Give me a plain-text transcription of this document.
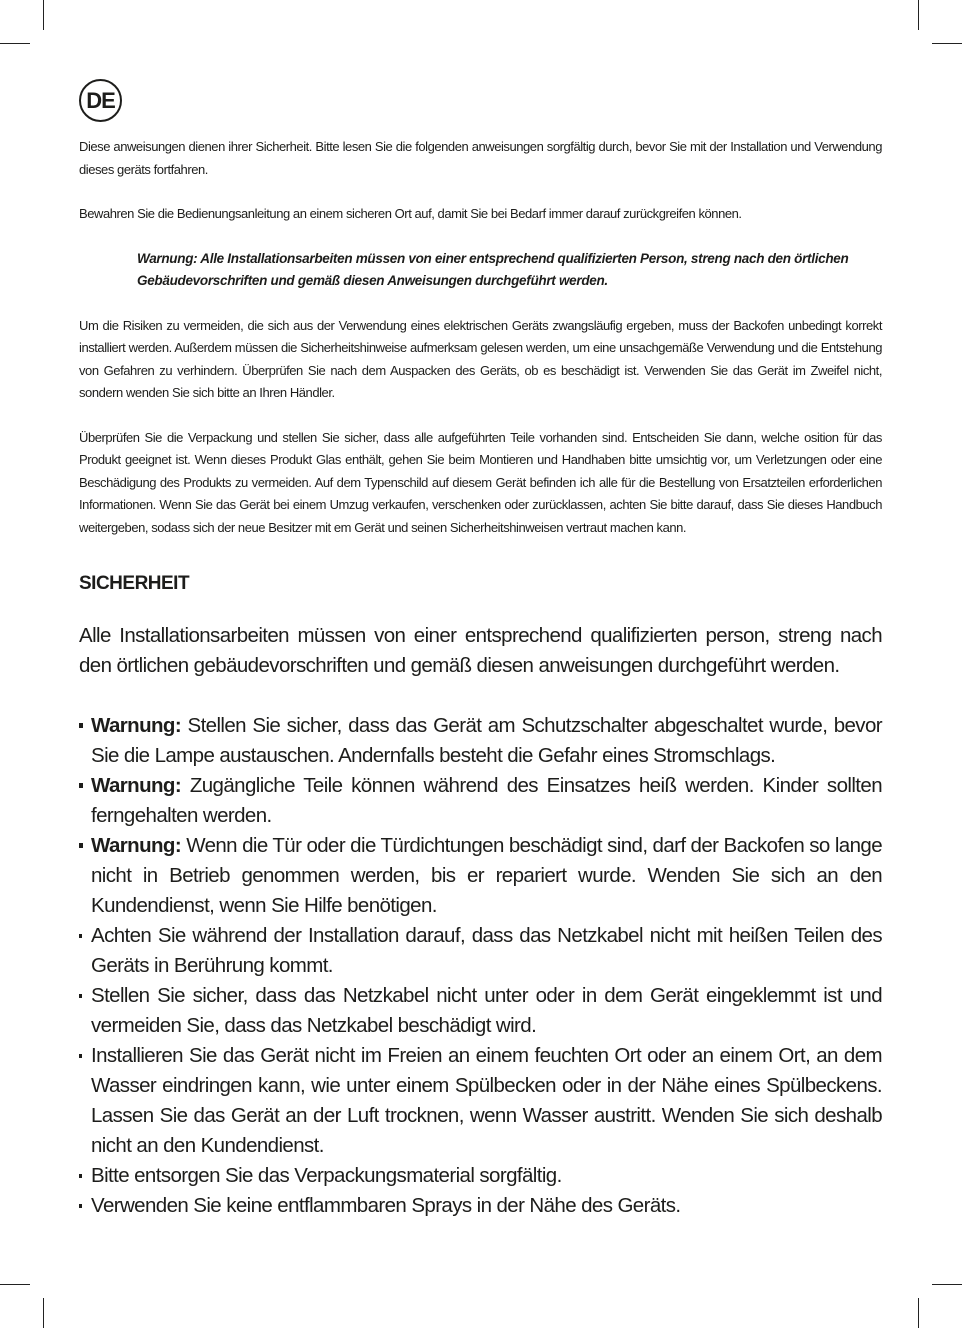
DE

Diese anweisungen dienen ihrer Sicherheit. Bitte lesen Sie die folgenden anweisungen sorgfältig durch, bevor Sie mit der Installation und Verwendung dieses geräts fortfahren.

Bewahren Sie die Bedienungsanleitung an einem sicheren Ort auf, damit Sie bei Bedarf immer darauf zurückgreifen können.

Warnung: Alle Installationsarbeiten müssen von einer entsprechend qualifizierten Person, streng nach den örtlichen Gebäudevorschriften und gemäß diesen Anweisungen durchgeführt werden.

Um die Risiken zu vermeiden, die sich aus der Verwendung eines elektrischen Geräts zwangsläufig ergeben, muss der Backofen unbedingt korrekt installiert werden. Außerdem müssen die Sicherheitshinweise aufmerksam gelesen werden, um eine unsachgemäße Verwendung und die Entstehung von Gefahren zu verhindern. Überprüfen Sie nach dem Auspacken des Geräts, ob es beschädigt ist. Verwenden Sie das Gerät im Zweifel nicht, sondern wenden Sie sich bitte an Ihren Händler.

Überprüfen Sie die Verpackung und stellen Sie sicher, dass alle aufgeführten Teile vorhanden sind. Entscheiden Sie dann, welche osition für das Produkt geeignet ist. Wenn dieses Produkt Glas enthält, gehen Sie beim Montieren und Handhaben bitte umsichtig vor, um Verletzungen oder eine Beschädigung des Produkts zu vermeiden. Auf dem Typenschild auf diesem Gerät befinden ich alle für die Bestellung von Ersatzteilen erforderlichen Informationen. Wenn Sie das Gerät bei einem Umzug verkaufen, verschenken oder zurücklassen, achten Sie bitte darauf, dass Sie dieses Handbuch weitergeben, sodass sich der neue Besitzer mit em Gerät und seinen Sicherheitshinweisen vertraut machen kann.

SICHERHEIT

Alle Installationsarbeiten müssen von einer entsprechend qualifizierten person, streng nach den örtlichen gebäudevorschriften und gemäß diesen anweisungen durchgeführt werden.

Warnung: Stellen Sie sicher, dass das Gerät am Schutzschalter abgeschaltet wurde, bevor Sie die Lampe austauschen. Andernfalls besteht die Gefahr eines Stromschlags.
Warnung: Zugängliche Teile können während des Einsatzes heiß werden. Kinder sollten ferngehalten werden.
Warnung: Wenn die Tür oder die Türdichtungen beschädigt sind, darf der Backofen so lange nicht in Betrieb genommen werden, bis er repariert wurde. Wenden Sie sich an den Kundendienst, wenn Sie Hilfe benötigen.
Achten Sie während der Installation darauf, dass das Netzkabel nicht mit heißen Teilen des Geräts in Berührung kommt.
Stellen Sie sicher, dass das Netzkabel nicht unter oder in dem Gerät eingeklemmt ist und vermeiden Sie, dass das Netzkabel beschädigt wird.
Installieren Sie das Gerät nicht im Freien an einem feuchten Ort oder an einem Ort, an dem Wasser eindringen kann, wie unter einem Spülbecken oder in der Nähe eines Spülbeckens. Lassen Sie das Gerät an der Luft trocknen, wenn Wasser austritt. Wenden Sie sich deshalb nicht an den Kundendienst.
Bitte entsorgen Sie das Verpackungsmaterial sorgfältig.
Verwenden Sie keine entflammbaren Sprays in der Nähe des Geräts.
